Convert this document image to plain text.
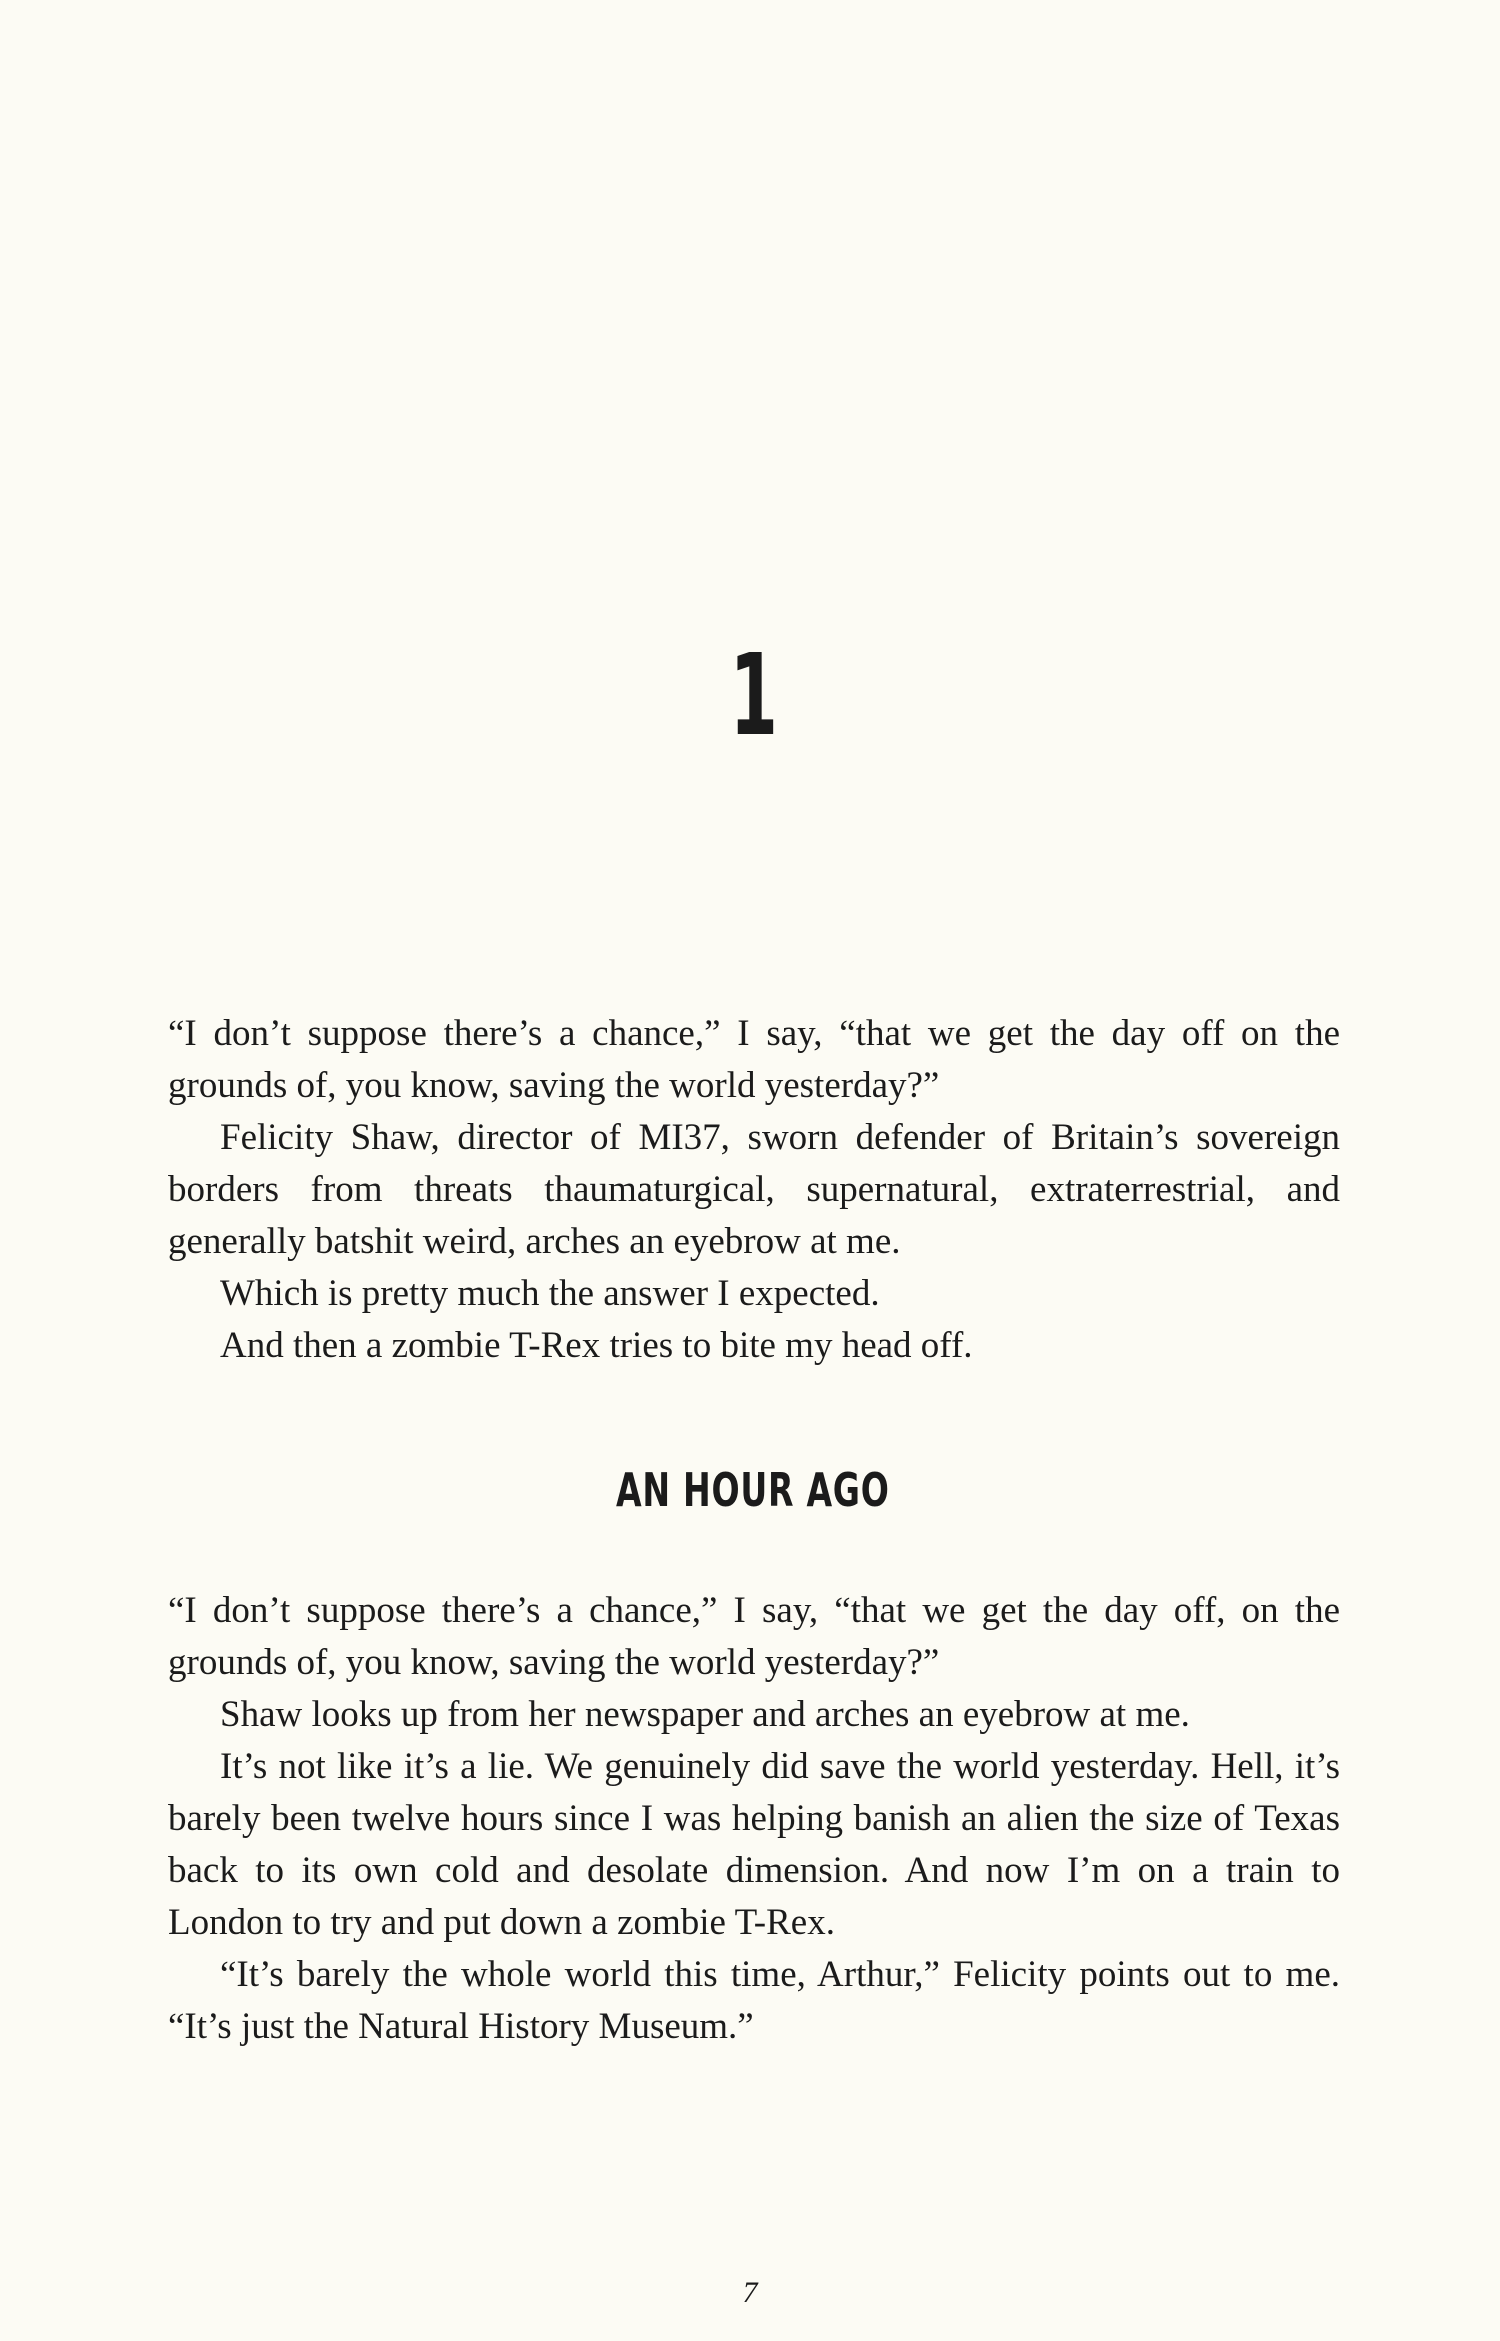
1

“I don’t suppose there’s a chance,” I say, “that we get the day off on the grounds of, you know, saving the world yesterday?”

Felicity Shaw, director of MI37, sworn defender of Britain’s sovereign borders from threats thaumaturgical, supernatural, extraterrestrial, and generally batshit weird, arches an eyebrow at me.

Which is pretty much the answer I expected.

And then a zombie T-Rex tries to bite my head off.

AN HOUR AGO

“I don’t suppose there’s a chance,” I say, “that we get the day off, on the grounds of, you know, saving the world yesterday?”

Shaw looks up from her newspaper and arches an eyebrow at me.

It’s not like it’s a lie. We genuinely did save the world yesterday. Hell, it’s barely been twelve hours since I was helping banish an alien the size of Texas back to its own cold and desolate dimension. And now I’m on a train to London to try and put down a zombie T-Rex.

“It’s barely the whole world this time, Arthur,” Felicity points out to me. “It’s just the Natural History Museum.”

7
